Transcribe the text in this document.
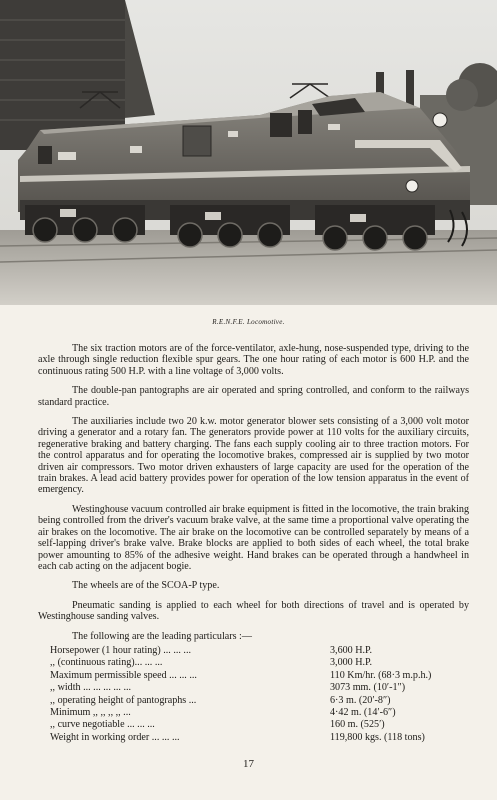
R.E.N.F.E. Locomotive.

The six traction motors are of the force-ventilator, axle-hung, nose-suspended type, driving to the axle through single reduction flexible spur gears. The one hour rating of each motor is 600 H.P. and the continuous rating 500 H.P. with a line voltage of 3,000 volts.

The double-pan pantographs are air operated and spring controlled, and conform to the railways standard practice.

The auxiliaries include two 20 k.w. motor generator blower sets consisting of a 3,000 volt motor driving a generator and a rotary fan. The generators provide power at 110 volts for the auxiliary circuits, regenerative braking and battery charging. The fans each supply cooling air to three traction motors. For the control apparatus and for operating the locomotive brakes, compressed air is supplied by two motor driven air compressors. Two motor driven exhausters of large capacity are used for the operation of the train brakes. A lead acid battery provides power for operation of the low tension apparatus in the event of emergency.

Westinghouse vacuum controlled air brake equipment is fitted in the locomotive, the train braking being controlled from the driver's vacuum brake valve, at the same time a proportional valve operating the air brakes on the locomotive. The air brake on the locomotive can be controlled separately by means of a self-lapping driver's brake valve. Brake blocks are applied to both sides of each wheel, the total brake power amounting to 85% of the adhesive weight. Hand brakes can be operated through a handwheel in each cab acting on the adjacent bogie.

The wheels are of the SCOA-P type.

Pneumatic sanding is applied to each wheel for both directions of travel and is operated by Westinghouse sanding valves.

The following are the leading particulars :—

Horsepower (1 hour rating) ... ... ...	3,600 H.P.
,, (continuous rating)... ... ...	3,000 H.P.
Maximum permissible speed ... ... ...	110 Km/hr. (68·3 m.p.h.)
,, width ... ... ... ... ...	3073 mm. (10′-1″)
,, operating height of pantographs ...	6·3 m. (20′-8″)
Minimum ,, ,, ,, ,, ...	4·42 m. (14′-6″)
,, curve negotiable ... ... ...	160 m. (525′)
Weight in working order ... ... ...	119,800 kgs. (118 tons)
17
